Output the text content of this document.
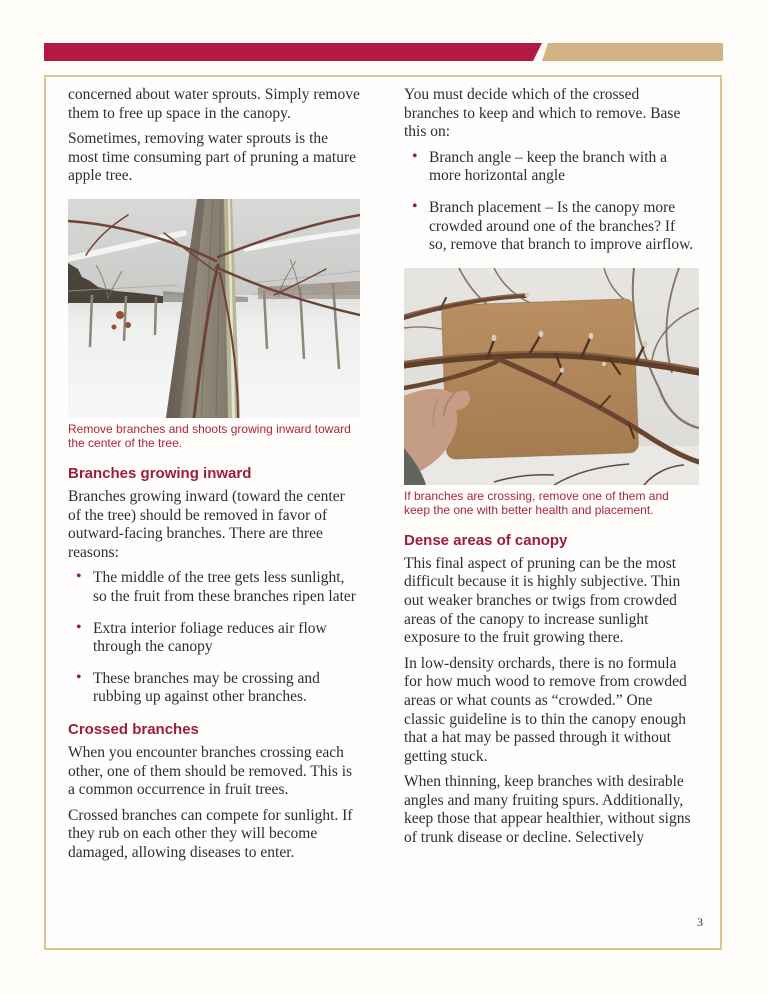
concerned about water sprouts. Simply remove them to free up space in the canopy.

Sometimes, removing water sprouts is the most time consuming part of pruning a mature apple tree.

Remove branches and shoots growing inward toward the center of the tree.
Branches growing inward

Branches growing inward (toward the center of the tree) should be removed in favor of outward-facing branches. There are three reasons:

• The middle of the tree gets less sunlight, so the fruit from these branches ripen later
• Extra interior foliage reduces air flow through the canopy
• These branches may be crossing and rubbing up against other branches.
Crossed branches

When you encounter branches crossing each other, one of them should be removed. This is a common occurrence in fruit trees.

Crossed branches can compete for sunlight. If they rub on each other they will become damaged, allowing diseases to enter.

You must decide which of the crossed branches to keep and which to remove. Base this on:

• Branch angle – keep the branch with a more horizontal angle
• Branch placement – Is the canopy more crowded around one of the branches? If so, remove that branch to improve airflow.
If branches are crossing, remove one of them and keep the one with better health and placement.
Dense areas of canopy

This final aspect of pruning can be the most difficult because it is highly subjective. Thin out weaker branches or twigs from crowded areas of the canopy to increase sunlight exposure to the fruit growing there.

In low-density orchards, there is no formula for how much wood to remove from crowded areas or what counts as “crowded.” One classic guideline is to thin the canopy enough that a hat may be passed through it without getting stuck.

When thinning, keep branches with desirable angles and many fruiting spurs. Additionally, keep those that appear healthier, without signs of trunk disease or decline. Selectively

3
